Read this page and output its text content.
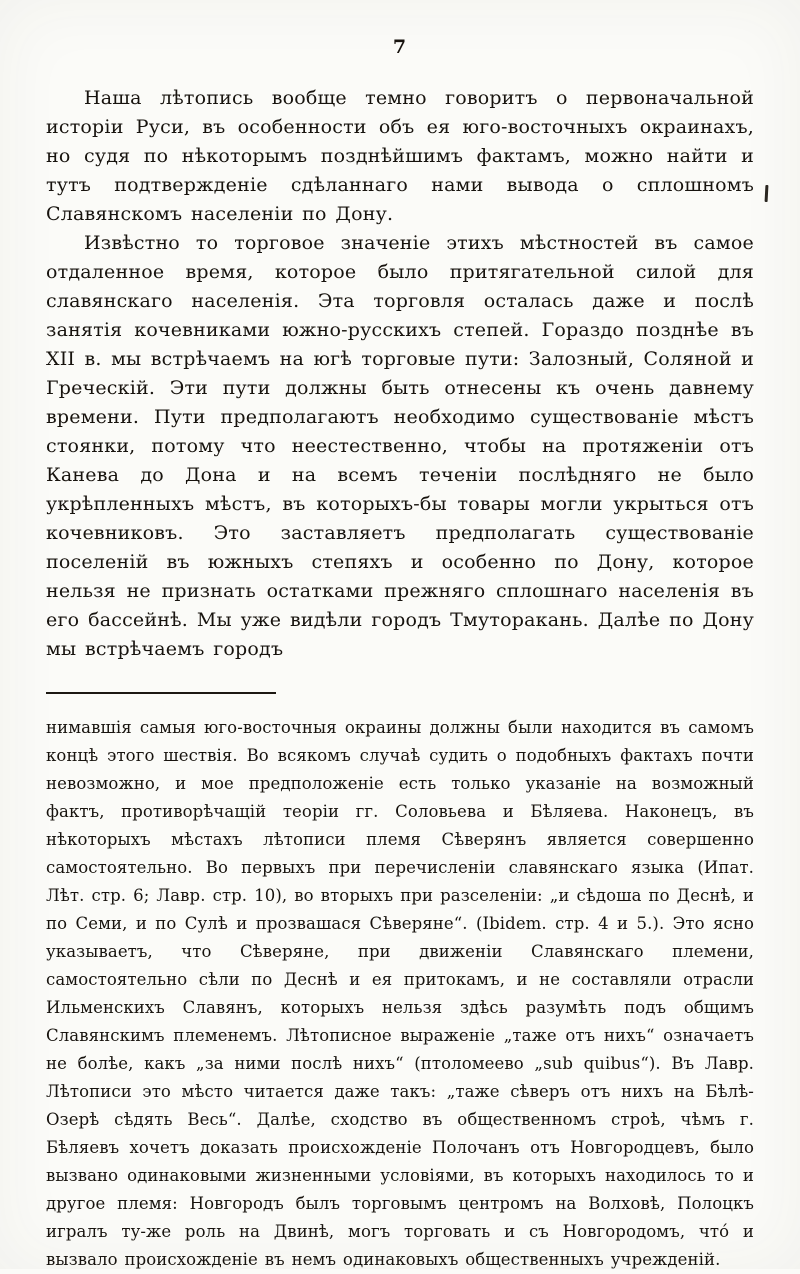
7

Наша лѣтопись вообще темно говоритъ о первоначальной исторіи Руси, въ особенности объ ея юго-восточныхъ окраинахъ, но судя по нѣкоторымъ позднѣйшимъ фактамъ, можно найти и тутъ подтвержденіе сдѣланнаго нами вывода о сплошномъ Славянскомъ населеніи по Дону.

Извѣстно то торговое значеніе этихъ мѣстностей въ самое отдаленное время, которое было притягательной силой для славянскаго населенія. Эта торговля осталась даже и послѣ занятія кочевниками южно-русскихъ степей. Гораздо позднѣе въ XII в. мы встрѣчаемъ на югѣ торговые пути: Залозный, Соляной и Греческій. Эти пути должны быть отнесены къ очень давнему времени. Пути предполагаютъ необходимо существованіе мѣстъ стоянки, потому что неестественно, чтобы на протяженіи отъ Канева до Дона и на всемъ теченіи послѣдняго не было укрѣпленныхъ мѣстъ, въ которыхъ-бы товары могли укрыться отъ кочевниковъ. Это заставляетъ предполагать существованіе поселеній въ южныхъ степяхъ и особенно по Дону, которое нельзя не признать остатками прежняго сплошнаго населенія въ его бассейнѣ. Мы уже видѣли городъ Тмуторакань. Далѣе по Дону мы встрѣчаемъ городъ

нимавшія самыя юго-восточныя окраины должны были находится въ самомъ концѣ этого шествія. Во всякомъ случаѣ судить о подобныхъ фактахъ почти невозможно, и мое предположеніе есть только указаніе на возможный фактъ, противорѣчащій теоріи гг. Соловьева и Бѣляева. Наконецъ, въ нѣкоторыхъ мѣстахъ лѣтописи племя Сѣверянъ является совершенно самостоятельно. Во первыхъ при перечисленіи славянскаго языка (Ипат. Лѣт. стр. 6; Лавр. стр. 10), во вторыхъ при разселеніи: „и сѣдоша по Деснѣ, и по Семи, и по Сулѣ и прозвашася Сѣверяне“. (Ibidem. стр. 4 и 5.). Это ясно указываетъ, что Сѣверяне, при движеніи Славянскаго племени, самостоятельно сѣли по Деснѣ и ея притокамъ, и не составляли отрасли Ильменскихъ Славянъ, которыхъ нельзя здѣсь разумѣть подъ общимъ Славянскимъ племенемъ. Лѣтописное выраженіе „таже отъ нихъ“ означаетъ не болѣе, какъ „за ними послѣ нихъ“ (птоломеево „sub quibus“). Въ Лавр. Лѣтописи это мѣсто читается даже такъ: „таже сѣверъ отъ нихъ на Бѣлѣ-Озерѣ сѣдять Весь“. Далѣе, сходство въ общественномъ строѣ, чѣмъ г. Бѣляевъ хочетъ доказать происхожденіе Полочанъ отъ Новгородцевъ, было вызвано одинаковыми жизненными условіями, въ которыхъ находилось то и другое племя: Новгородъ былъ торговымъ центромъ на Волховѣ, Полоцкъ игралъ ту-же роль на Двинѣ, могъ торговать и съ Новгородомъ, что́ и вызвало происхожденіе въ немъ одинаковыхъ общественныхъ учрежденій.
